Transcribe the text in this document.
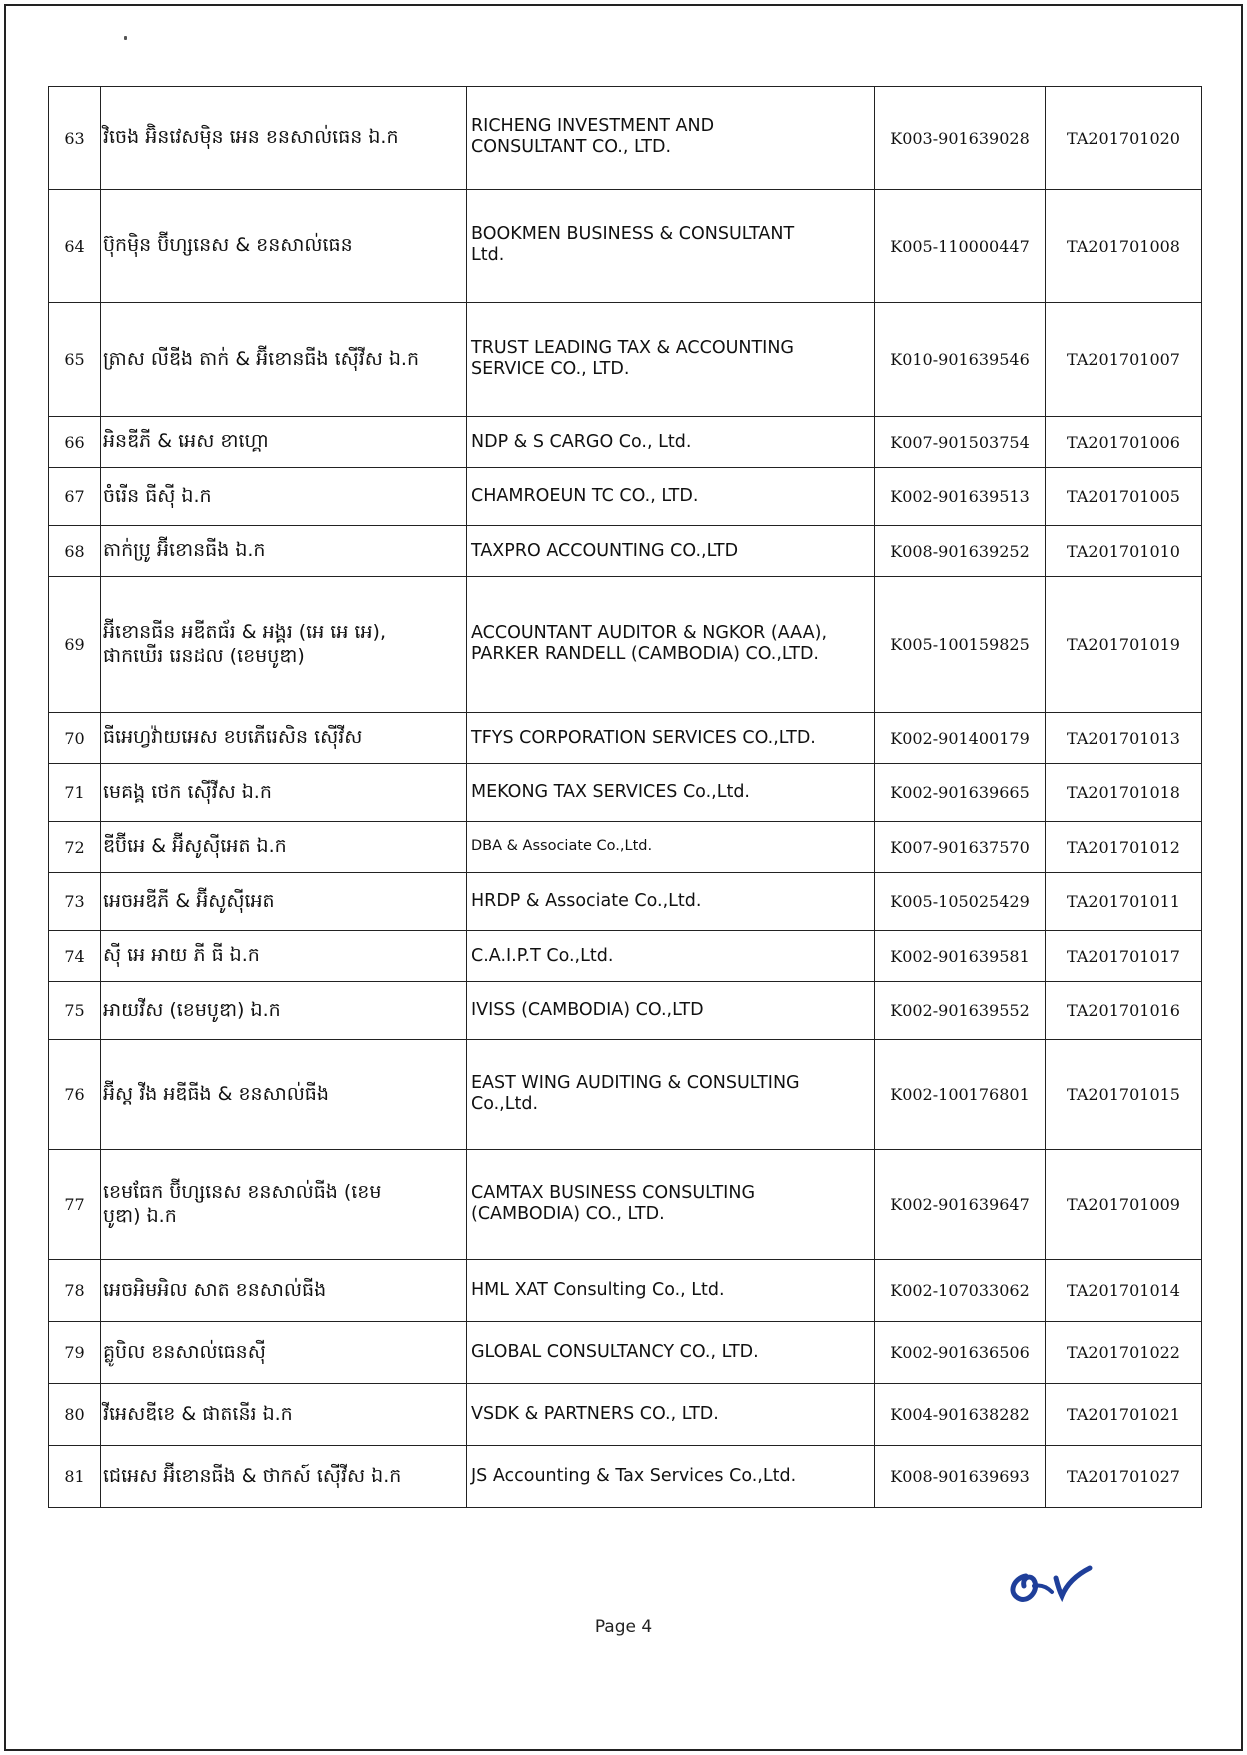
63	វិចេង អ៊ិនវេសម៉ិន អេន ខនសាល់ធេន ឯ.ក	RICHENG INVESTMENT AND
CONSULTANT CO., LTD.	K003-901639028	TA201701020
64	ប៊ុកម៉ិន ប៊ីហ្សនេស & ខនសាល់ធេន	BOOKMEN BUSINESS & CONSULTANT
Ltd.	K005-110000447	TA201701008
65	ត្រាស លីឌីង តាក់ & អ៊ីខោនធីង ស៊ើវីស ឯ.ក	TRUST LEADING TAX & ACCOUNTING
SERVICE CO., LTD.	K010-901639546	TA201701007
66	អិនឌីភី & អេស ខាហ្គោ	NDP & S CARGO Co., Ltd.	K007-901503754	TA201701006
67	ចំរើន ធីស៊ី ឯ.ក	CHAMROEUN TC CO., LTD.	K002-901639513	TA201701005
68	តាក់ប្រូ អ៊ីខោនធីង ឯ.ក	TAXPRO ACCOUNTING CO.,LTD	K008-901639252	TA201701010
69	អ៊ីខោនធីន អឌីតធ័រ & អង្គរ (អេ អេ អេ),
ផាកឃើរ រេនដល (ខេមបូឌា)	ACCOUNTANT AUDITOR & NGKOR (AAA),
PARKER RANDELL (CAMBODIA) CO.,LTD.	K005-100159825	TA201701019
70	ធីអេហ្វវ៉ាយអេស ខបភើរេសិន ស៊ើវីស	TFYS CORPORATION SERVICES CO.,LTD.	K002-901400179	TA201701013
71	មេគង្គ ថេក ស៊ើវីស ឯ.ក	MEKONG TAX SERVICES Co.,Ltd.	K002-901639665	TA201701018
72	ឌីប៊ីអេ & អ៊ីសូស៊ីអេត ឯ.ក	DBA & Associate Co.,Ltd.	K007-901637570	TA201701012
73	អេចអឌីភី & អ៊ីសូស៊ីអេត	HRDP & Associate Co.,Ltd.	K005-105025429	TA201701011
74	ស៊ី អេ អាយ ភី ធី ឯ.ក	C.A.I.P.T Co.,Ltd.	K002-901639581	TA201701017
75	អាយវីស (ខេមបូឌា) ឯ.ក	IVISS (CAMBODIA) CO.,LTD	K002-901639552	TA201701016
76	អ៊ីស្ត វីង អឌីធីង & ខនសាល់ធីង	EAST WING AUDITING & CONSULTING
Co.,Ltd.	K002-100176801	TA201701015
77	ខេមធែក ប៊ីហ្សនេស ខនសាល់ធីង (ខេម
បូឌា) ឯ.ក	CAMTAX BUSINESS CONSULTING
(CAMBODIA) CO., LTD.	K002-901639647	TA201701009
78	អេចអិមអិល សាត ខនសាល់ធីង	HML XAT Consulting Co., Ltd.	K002-107033062	TA201701014
79	គ្លូបិល ខនសាល់ធេនស៊ី	GLOBAL CONSULTANCY CO., LTD.	K002-901636506	TA201701022
80	វីអេសឌីខេ & ផាតនើរ ឯ.ក	VSDK & PARTNERS CO., LTD.	K004-901638282	TA201701021
81	ជេអេស អ៊ីខោនធីង & ថាកស៍ ស៊ើវីស ឯ.ក	JS Accounting & Tax Services Co.,Ltd.	K008-901639693	TA201701027
Page 4
